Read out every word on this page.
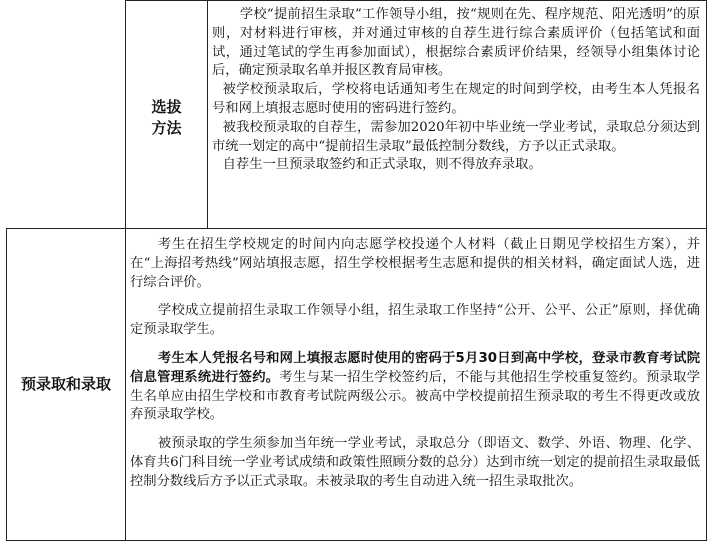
选拔
方法

学校“提前招生录取”工作领导小组，按“规则在先、程序规范、阳光透明”的原则，对材料进行审核，并对通过审核的自荐生进行综合素质评价（包括笔试和面试，通过笔试的学生再参加面试），根据综合素质评价结果，经领导小组集体讨论后，确定预录取名单并报区教育局审核。

被学校预录取后，学校将电话通知考生在规定的时间到学校，由考生本人凭报名号和网上填报志愿时使用的密码进行签约。

被我校预录取的自荐生，需参加2020年初中毕业统一学业考试，录取总分须达到市统一划定的高中“提前招生录取”最低控制分数线，方予以正式录取。

自荐生一旦预录取签约和正式录取，则不得放弃录取。

预录取和录取

考生在招生学校规定的时间内向志愿学校投递个人材料（截止日期见学校招生方案），并在“上海招考热线”网站填报志愿，招生学校根据考生志愿和提供的相关材料，确定面试人选，进行综合评价。

学校成立提前招生录取工作领导小组，招生录取工作坚持“公开、公平、公正”原则，择优确定预录取学生。

考生本人凭报名号和网上填报志愿时使用的密码于5月30日到高中学校，登录市教育考试院信息管理系统进行签约。考生与某一招生学校签约后，不能与其他招生学校重复签约。预录取学生名单应由招生学校和市教育考试院两级公示。被高中学校提前招生预录取的考生不得更改或放弃预录取学校。

被预录取的学生须参加当年统一学业考试，录取总分（即语文、数学、外语、物理、化学、体育共6门科目统一学业考试成绩和政策性照顾分数的总分）达到市统一划定的提前招生录取最低控制分数线后方予以正式录取。未被录取的考生自动进入统一招生录取批次。
